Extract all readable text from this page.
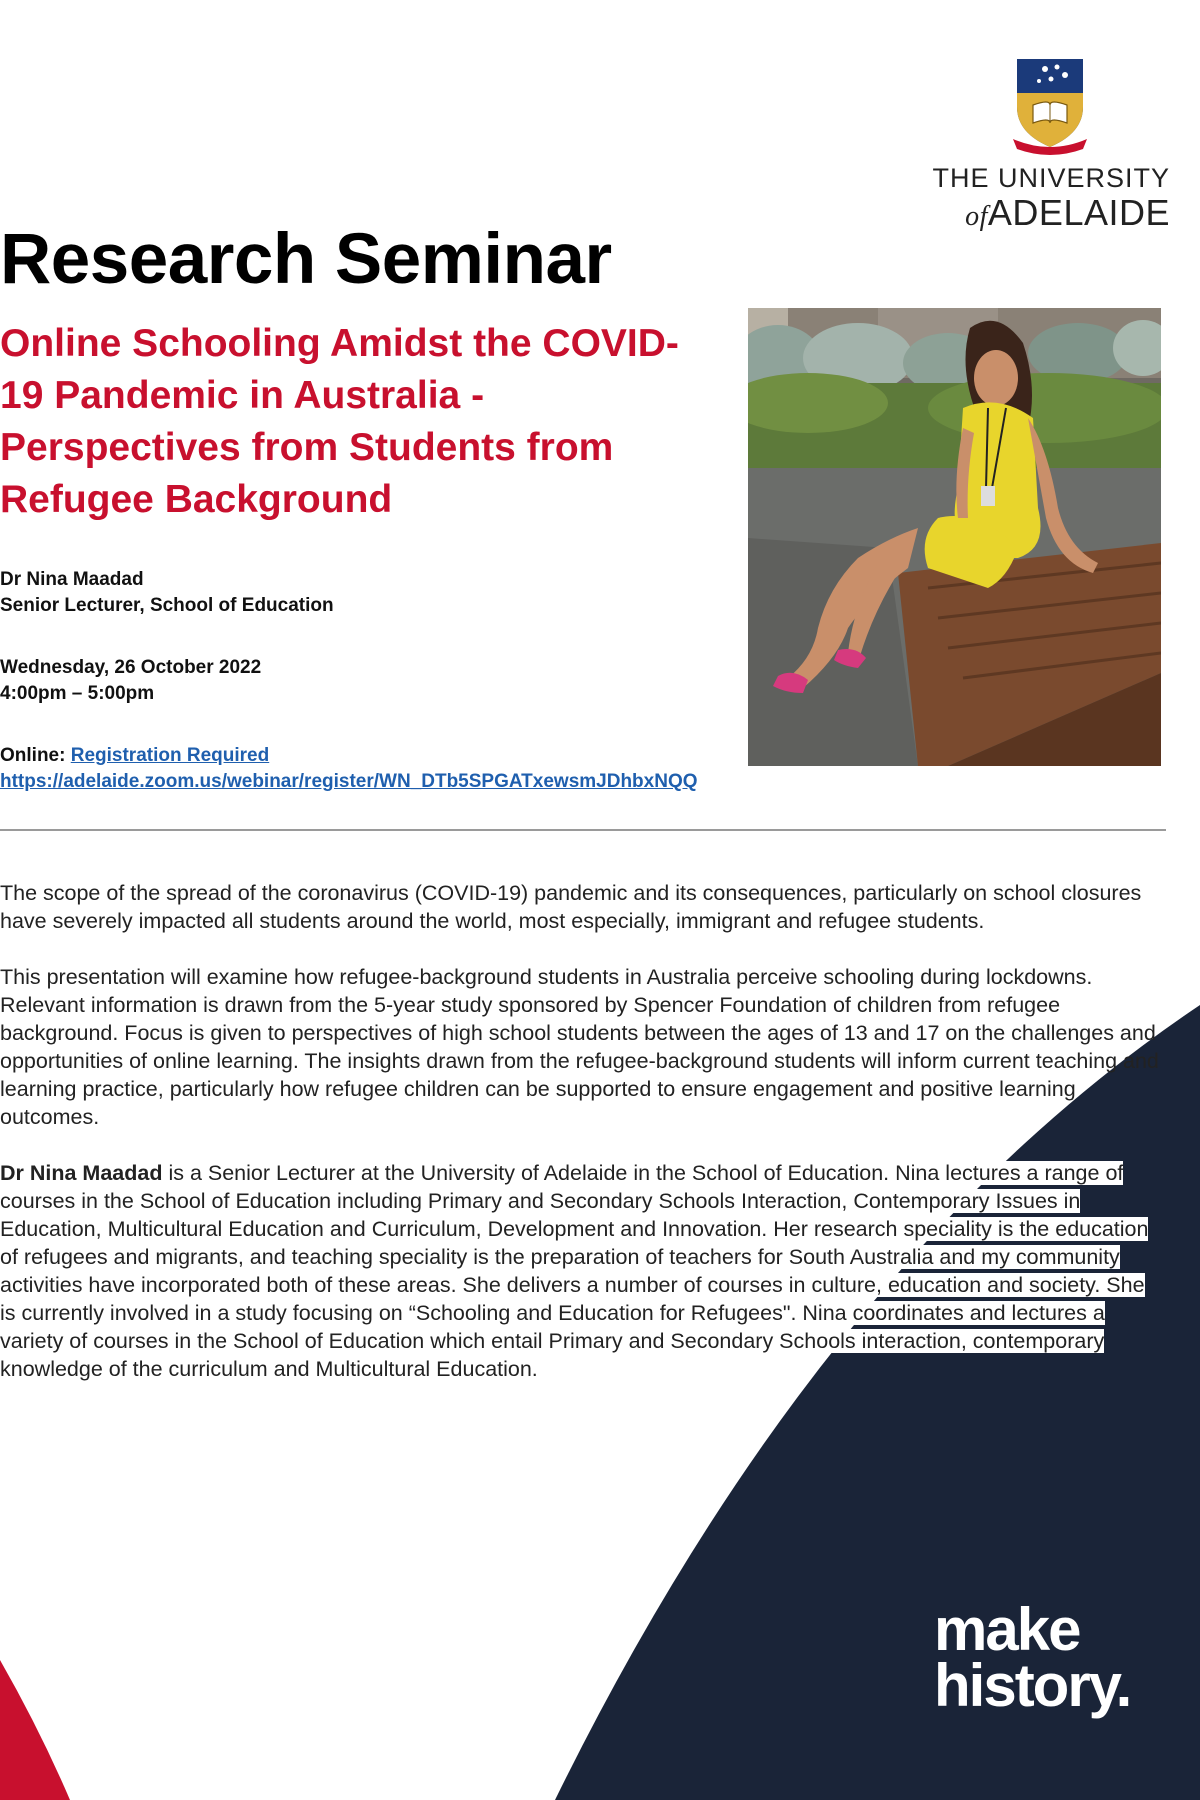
THE UNIVERSITY
ofADELAIDE
Research Seminar
Online Schooling Amidst the COVID-19 Pandemic in Australia - Perspectives from Students from Refugee Background
Dr Nina Maadad
Senior Lecturer, School of Education
Wednesday, 26 October 2022
4:00pm – 5:00pm
Online: Registration Required
https://adelaide.zoom.us/webinar/register/WN_DTb5SPGATxewsmJDhbxNQQ

The scope of the spread of the coronavirus (COVID-19) pandemic and its consequences, particularly on school closures have severely impacted all students around the world, most especially, immigrant and refugee students.

This presentation will examine how refugee-background students in Australia perceive schooling during lockdowns. Relevant information is drawn from the 5-year study sponsored by Spencer Foundation of children from refugee background. Focus is given to perspectives of high school students between the ages of 13 and 17 on the challenges and opportunities of online learning. The insights drawn from the refugee-background students will inform current teaching and learning practice, particularly how refugee children can be supported to ensure engagement and positive learning outcomes.

Dr Nina Maadad is a Senior Lecturer at the University of Adelaide in the School of Education. Nina lectures a range of courses in the School of Education including Primary and Secondary Schools Interaction, Contemporary Issues in Education, Multicultural Education and Curriculum, Development and Innovation. Her research speciality is the education of refugees and migrants, and teaching speciality is the preparation of teachers for South Australia and my community activities have incorporated both of these areas. She delivers a number of courses in culture, education and society. She is currently involved in a study focusing on “Schooling and Education for Refugees". Nina coordinates and lectures a variety of courses in the School of Education which entail Primary and Secondary Schools interaction, contemporary knowledge of the curriculum and Multicultural Education.

make
history.
